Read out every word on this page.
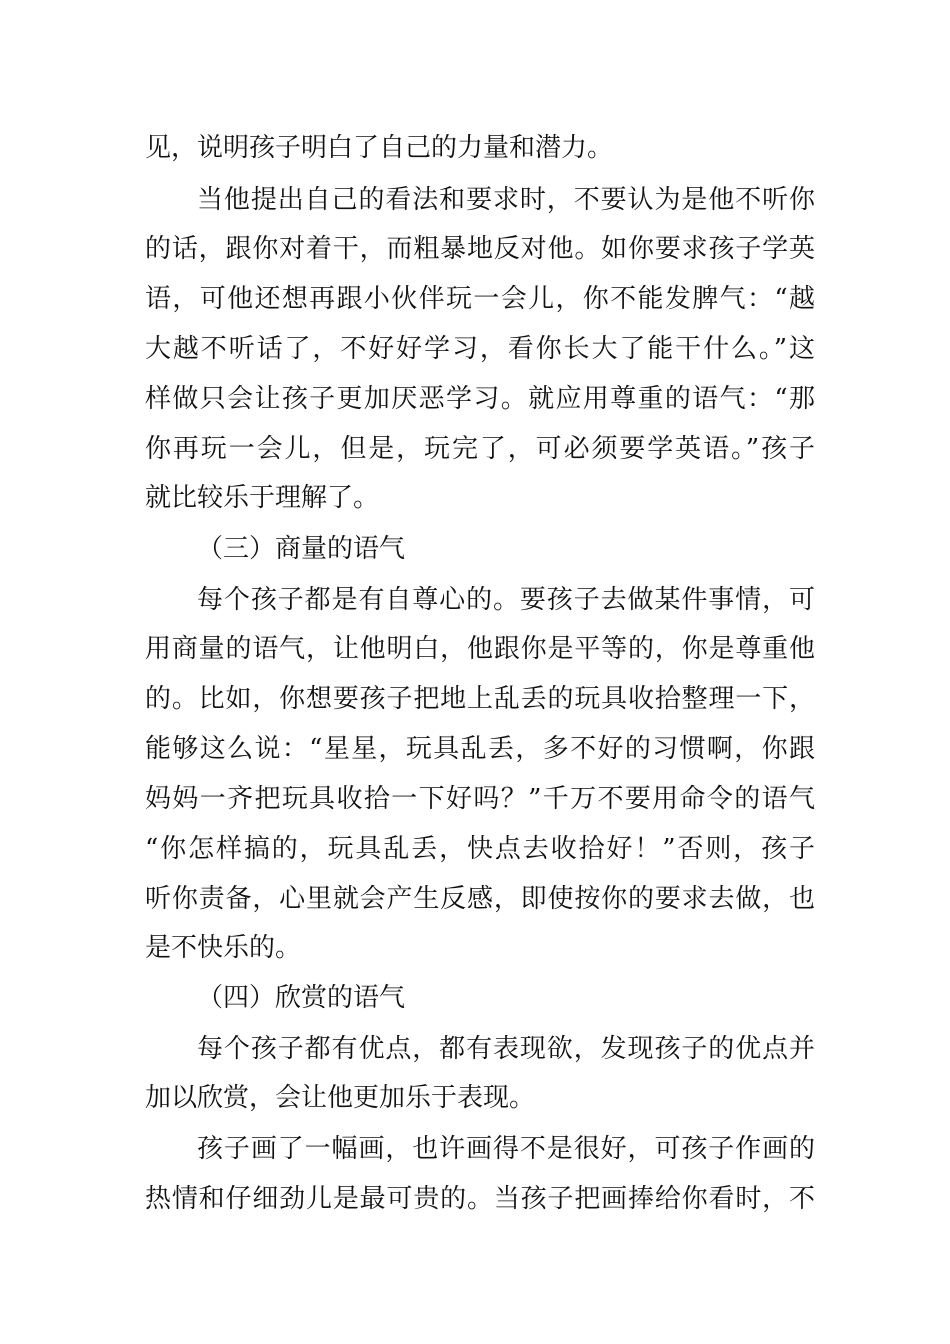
见，说明孩子明白了自己的力量和潜力。
当他提出自己的看法和要求时，不要认为是他不听你
的话，跟你对着干，而粗暴地反对他。如你要求孩子学英
语，可他还想再跟小伙伴玩一会儿，你不能发脾气：“越
大越不听话了，不好好学习，看你长大了能干什么。”这
样做只会让孩子更加厌恶学习。就应用尊重的语气：“那
你再玩一会儿，但是，玩完了，可必须要学英语。”孩子
就比较乐于理解了。
（三）商量的语气
每个孩子都是有自尊心的。要孩子去做某件事情，可
用商量的语气，让他明白，他跟你是平等的，你是尊重他
的。比如，你想要孩子把地上乱丢的玩具收拾整理一下，
能够这么说：“星星，玩具乱丢，多不好的习惯啊，你跟
妈妈一齐把玩具收拾一下好吗？”千万不要用命令的语气
“你怎样搞的，玩具乱丢，快点去收拾好！”否则，孩子
听你责备，心里就会产生反感，即使按你的要求去做，也
是不快乐的。
（四）欣赏的语气
每个孩子都有优点，都有表现欲，发现孩子的优点并
加以欣赏，会让他更加乐于表现。
孩子画了一幅画，也许画得不是很好，可孩子作画的
热情和仔细劲儿是最可贵的。当孩子把画捧给你看时，不
